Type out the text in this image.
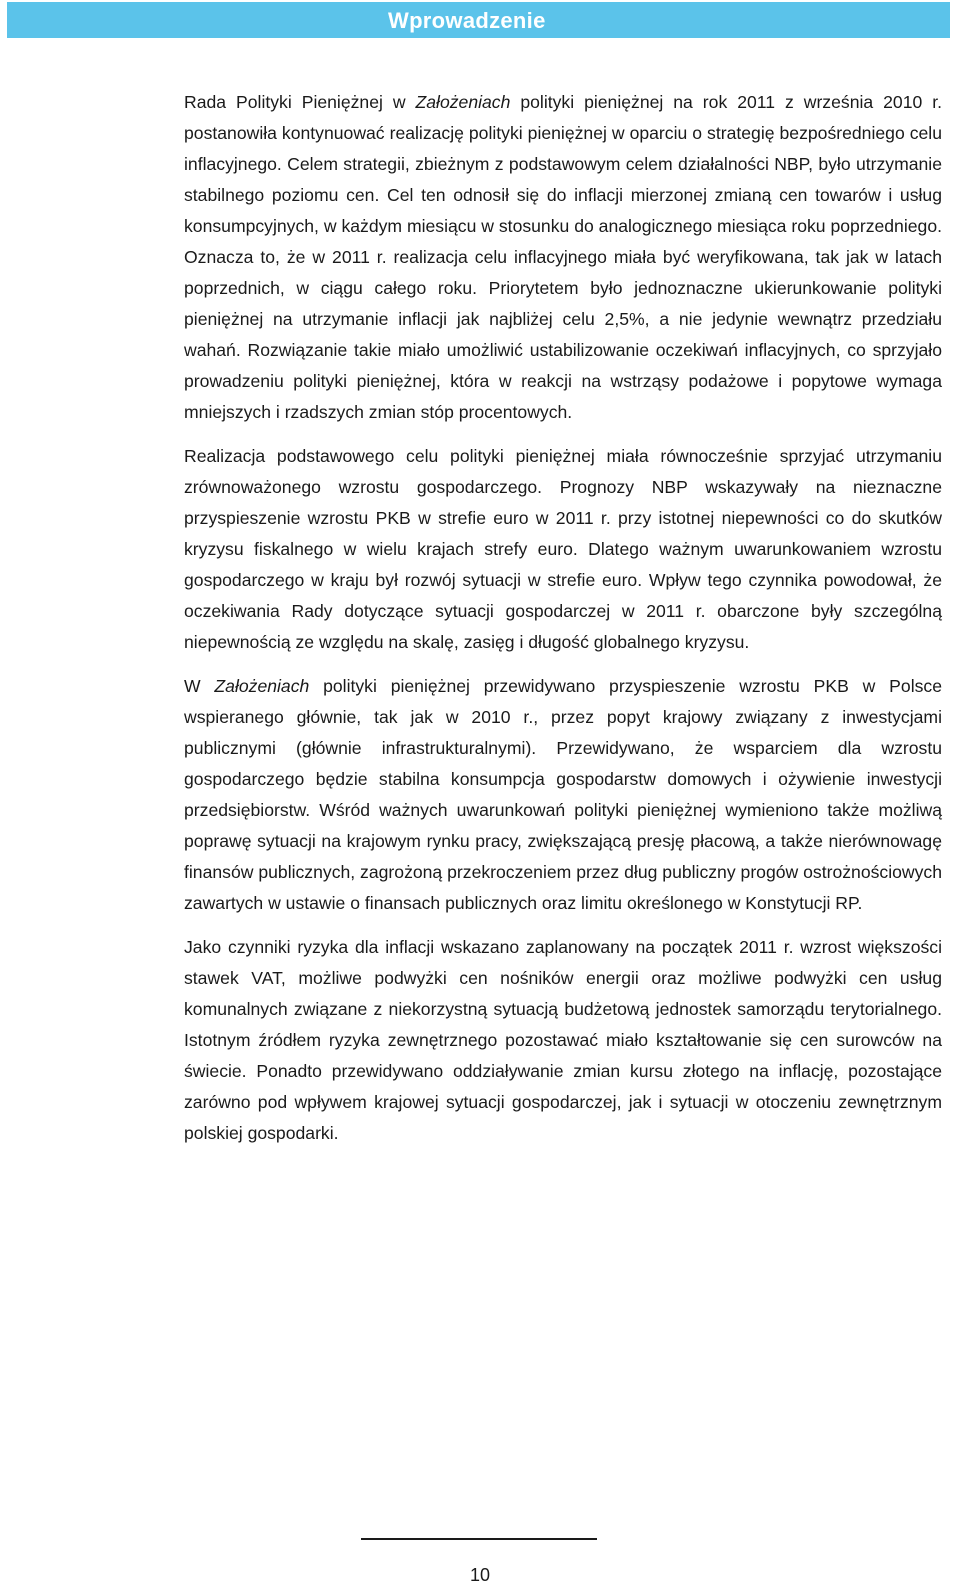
Wprowadzenie

Rada Polityki Pieniężnej w Założeniach polityki pieniężnej na rok 2011 z września 2010 r. postanowiła kontynuować realizację polityki pieniężnej w oparciu o strategię bezpośredniego celu inflacyjnego. Celem strategii, zbieżnym z podstawowym celem działalności NBP, było utrzymanie stabilnego poziomu cen. Cel ten odnosił się do inflacji mierzonej zmianą cen towarów i usług konsumpcyjnych, w każdym miesiącu w stosunku do analogicznego miesiąca roku poprzedniego. Oznacza to, że w 2011 r. realizacja celu inflacyjnego miała być weryfikowana, tak jak w latach poprzednich, w ciągu całego roku. Priorytetem było jednoznaczne ukierunkowanie polityki pieniężnej na utrzymanie inflacji jak najbliżej celu 2,5%, a nie jedynie wewnątrz przedziału wahań. Rozwiązanie takie miało umożliwić ustabilizowanie oczekiwań inflacyjnych, co sprzyjało prowadzeniu polityki pieniężnej, która w reakcji na wstrząsy podażowe i popytowe wymaga mniejszych i rzadszych zmian stóp procentowych.

Realizacja podstawowego celu polityki pieniężnej miała równocześnie sprzyjać utrzymaniu zrównoważonego wzrostu gospodarczego. Prognozy NBP wskazywały na nieznaczne przyspieszenie wzrostu PKB w strefie euro w 2011 r. przy istotnej niepewności co do skutków kryzysu fiskalnego w wielu krajach strefy euro. Dlatego ważnym uwarunkowaniem wzrostu gospodarczego w kraju był rozwój sytuacji w strefie euro. Wpływ tego czynnika powodował, że oczekiwania Rady dotyczące sytuacji gospodarczej w 2011 r. obarczone były szczególną niepewnością ze względu na skalę, zasięg i długość globalnego kryzysu.

W Założeniach polityki pieniężnej przewidywano przyspieszenie wzrostu PKB w Polsce wspieranego głównie, tak jak w 2010 r., przez popyt krajowy związany z inwestycjami publicznymi (głównie infrastrukturalnymi). Przewidywano, że wsparciem dla wzrostu gospodarczego będzie stabilna konsumpcja gospodarstw domowych i ożywienie inwestycji przedsiębiorstw. Wśród ważnych uwarunkowań polityki pieniężnej wymieniono także możliwą poprawę sytuacji na krajowym rynku pracy, zwiększającą presję płacową, a także nierównowagę finansów publicznych, zagrożoną przekroczeniem przez dług publiczny progów ostrożnościowych zawartych w ustawie o finansach publicznych oraz limitu określonego w Konstytucji RP.

Jako czynniki ryzyka dla inflacji wskazano zaplanowany na początek 2011 r. wzrost większości stawek VAT, możliwe podwyżki cen nośników energii oraz możliwe podwyżki cen usług komunalnych związane z niekorzystną sytuacją budżetową jednostek samorządu terytorialnego. Istotnym źródłem ryzyka zewnętrznego pozostawać miało kształtowanie się cen surowców na świecie. Ponadto przewidywano oddziaływanie zmian kursu złotego na inflację, pozostające zarówno pod wpływem krajowej sytuacji gospodarczej, jak i sytuacji w otoczeniu zewnętrznym polskiej gospodarki.

10
